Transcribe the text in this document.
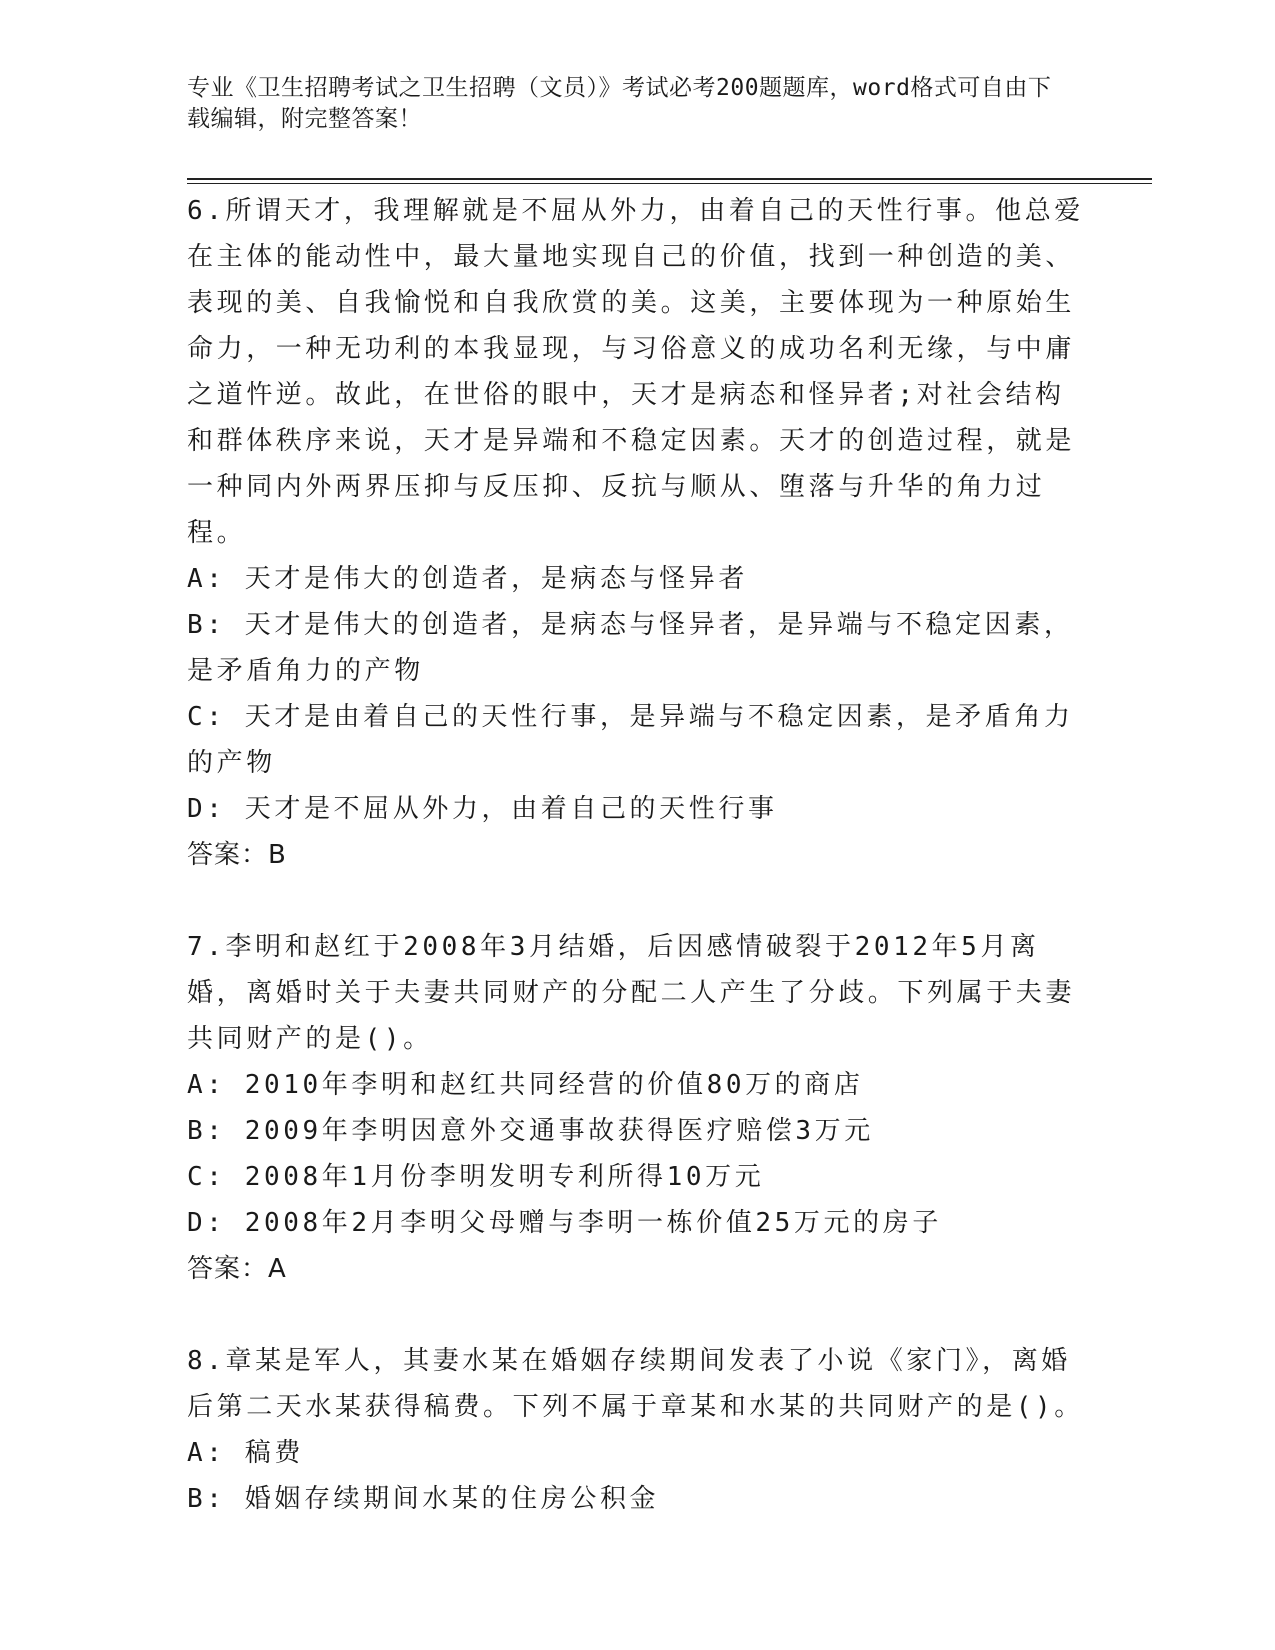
专业《卫生招聘考试之卫生招聘（文员）》考试必考200题题库，word格式可自由下载编辑，附完整答案！

6.所谓天才，我理解就是不屈从外力，由着自己的天性行事。他总爱在主体的能动性中，最大量地实现自己的价值，找到一种创造的美、表现的美、自我愉悦和自我欣赏的美。这美，主要体现为一种原始生命力，一种无功利的本我显现，与习俗意义的成功名利无缘，与中庸之道忤逆。故此，在世俗的眼中，天才是病态和怪异者;对社会结构和群体秩序来说，天才是异端和不稳定因素。天才的创造过程，就是一种同内外两界压抑与反压抑、反抗与顺从、堕落与升华的角力过程。

A: 天才是伟大的创造者，是病态与怪异者

B: 天才是伟大的创造者，是病态与怪异者，是异端与不稳定因素，是矛盾角力的产物

C: 天才是由着自己的天性行事，是异端与不稳定因素，是矛盾角力的产物

D: 天才是不屈从外力，由着自己的天性行事

答案：B

7.李明和赵红于2008年3月结婚，后因感情破裂于2012年5月离婚，离婚时关于夫妻共同财产的分配二人产生了分歧。下列属于夫妻共同财产的是()。

A: 2010年李明和赵红共同经营的价值80万的商店

B: 2009年李明因意外交通事故获得医疗赔偿3万元

C: 2008年1月份李明发明专利所得10万元

D: 2008年2月李明父母赠与李明一栋价值25万元的房子

答案：A

8.章某是军人，其妻水某在婚姻存续期间发表了小说《家门》，离婚后第二天水某获得稿费。下列不属于章某和水某的共同财产的是()。

A: 稿费

B: 婚姻存续期间水某的住房公积金
